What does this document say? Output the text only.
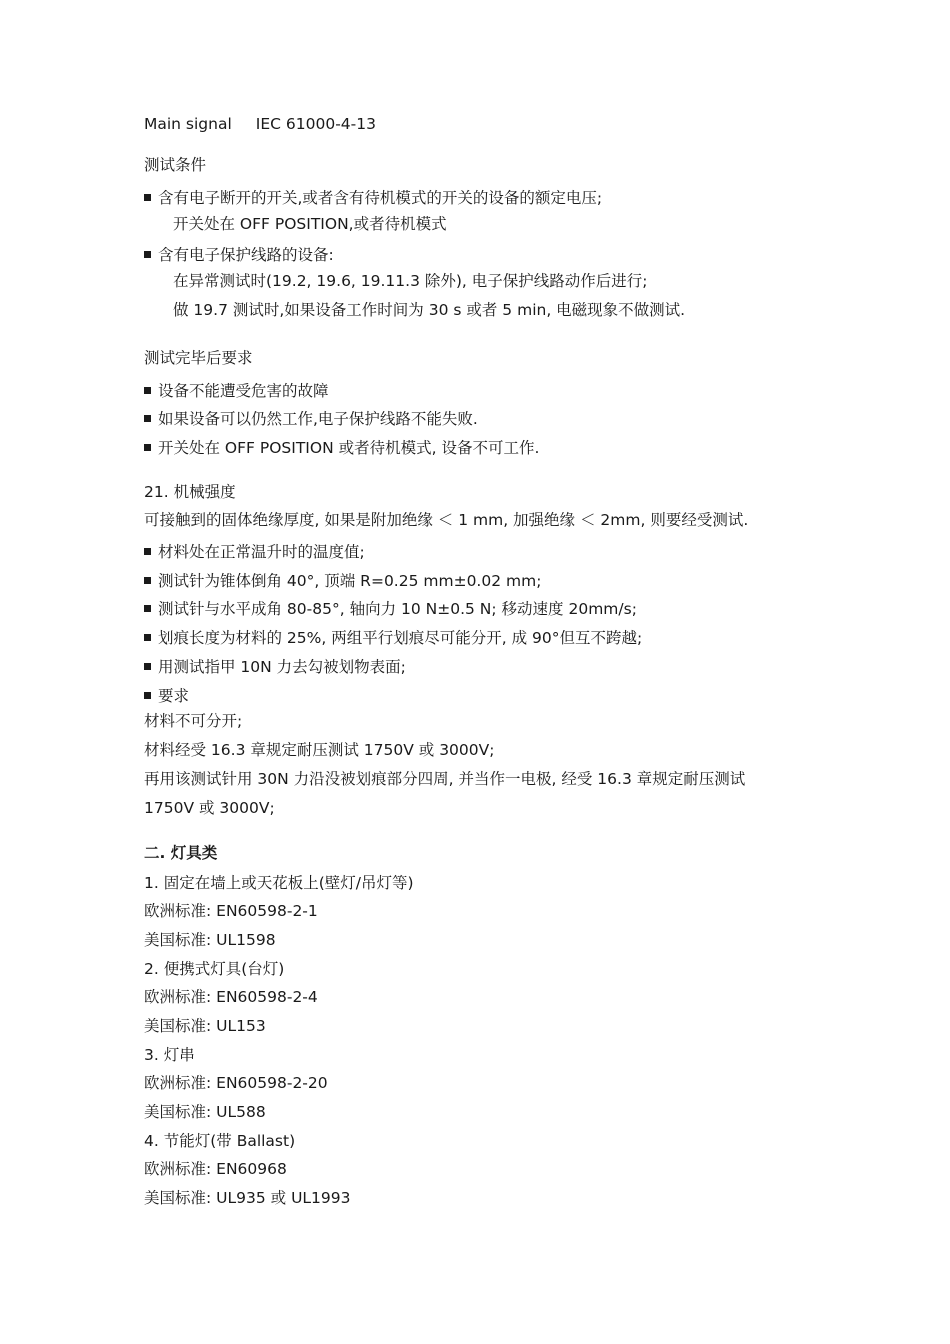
Main signal IEC 61000-4-13
测试条件
含有电子断开的开关,或者含有待机模式的开关的设备的额定电压;
开关处在 OFF POSITION,或者待机模式
含有电子保护线路的设备:
在异常测试时(19.2, 19.6, 19.11.3 除外), 电子保护线路动作后进行;
做 19.7 测试时,如果设备工作时间为 30 s 或者 5 min, 电磁现象不做测试.
测试完毕后要求
设备不能遭受危害的故障
如果设备可以仍然工作,电子保护线路不能失败.
开关处在 OFF POSITION 或者待机模式, 设备不可工作.
21. 机械强度
可接触到的固体绝缘厚度, 如果是附加绝缘 ＜ 1 mm, 加强绝缘 ＜ 2mm, 则要经受测试.
材料处在正常温升时的温度值;
测试针为锥体倒角 40°, 顶端 R=0.25 mm±0.02 mm;
测试针与水平成角 80-85°, 轴向力 10 N±0.5 N; 移动速度 20mm/s;
划痕长度为材料的 25%, 两组平行划痕尽可能分开, 成 90°但互不跨越;
用测试指甲 10N 力去勾被划物表面;
要求
材料不可分开;
材料经受 16.3 章规定耐压测试 1750V 或 3000V;
再用该测试针用 30N 力沿没被划痕部分四周, 并当作一电极, 经受 16.3 章规定耐压测试
1750V 或 3000V;
二. 灯具类
1. 固定在墙上或天花板上(壁灯/吊灯等)
欧洲标准: EN60598-2-1
美国标准: UL1598
2. 便携式灯具(台灯)
欧洲标准: EN60598-2-4
美国标准: UL153
3. 灯串
欧洲标准: EN60598-2-20
美国标准: UL588
4. 节能灯(带 Ballast)
欧洲标准: EN60968
美国标准: UL935 或 UL1993
